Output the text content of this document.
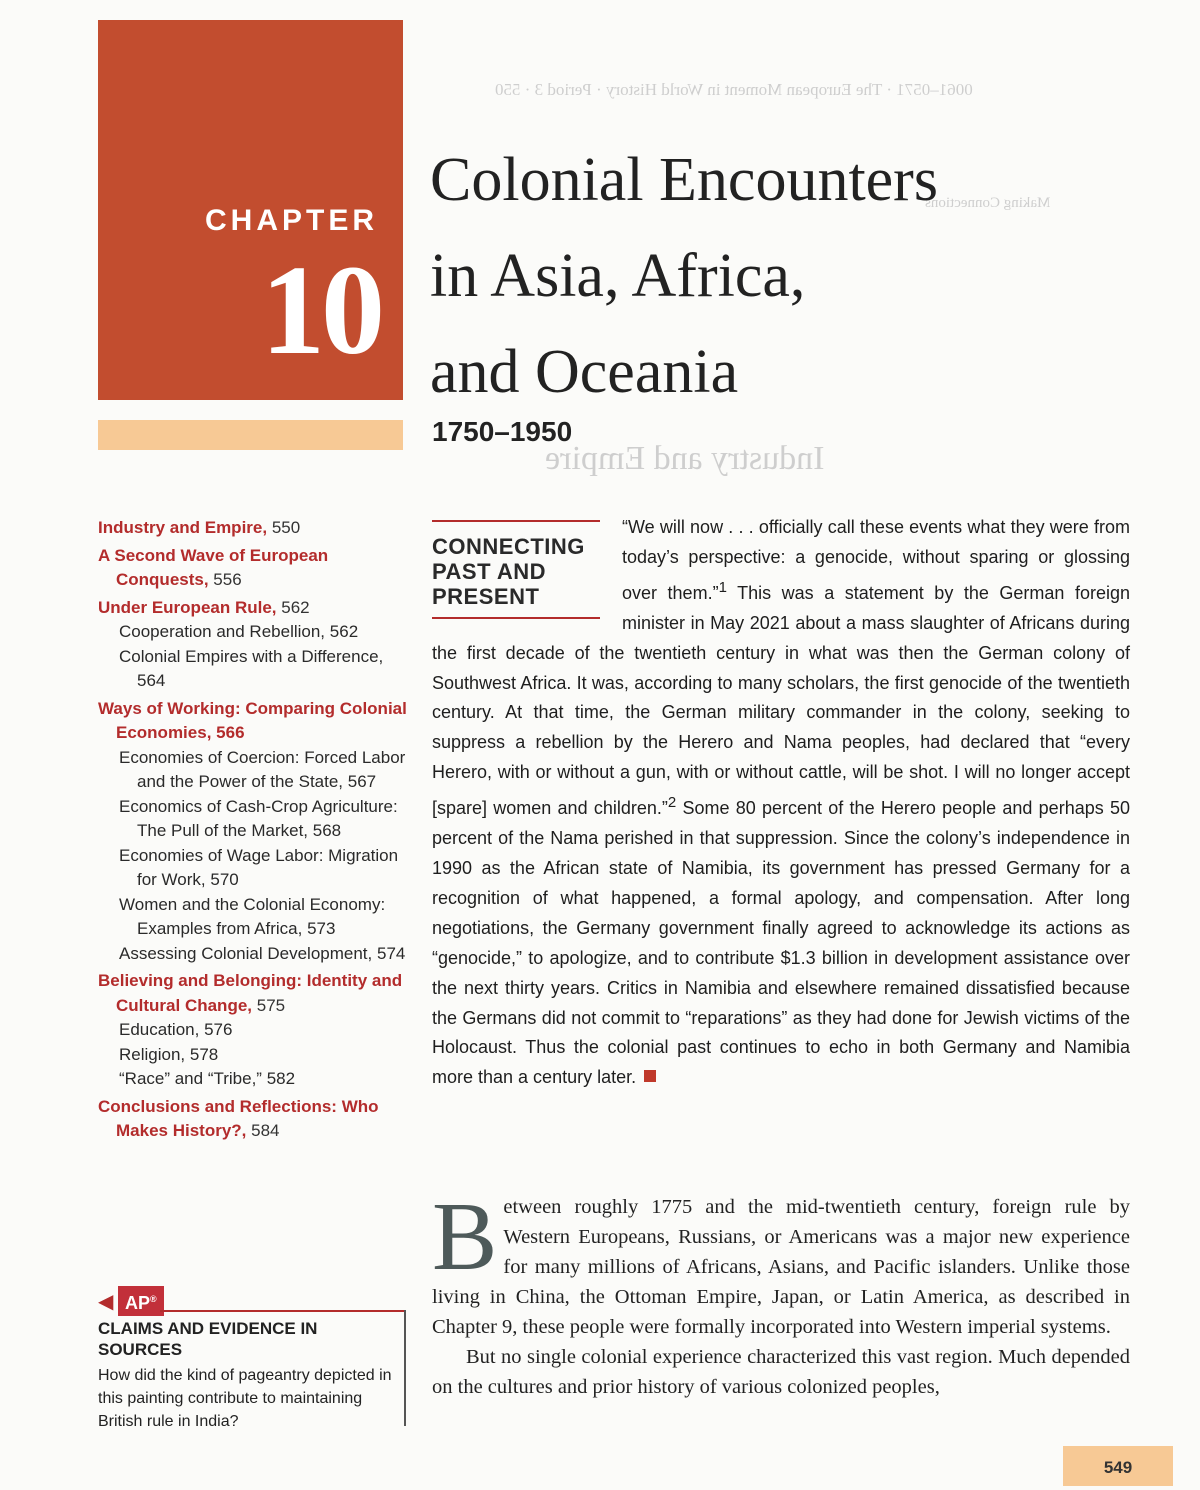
0061–0571 · The European Moment in World History · Period 3 · 550
Making Connections
Industry and Empire
CHAPTER
10
Colonial Encounters
in Asia, Africa,
and Oceania
1750–1950
Industry and Empire, 550
A Second Wave of European Conquests, 556
Under European Rule, 562
Cooperation and Rebellion, 562
Colonial Empires with a Difference, 564
Ways of Working: Comparing Colonial Economies, 566
Economies of Coercion: Forced Labor and the Power of the State, 567
Economics of Cash-Crop Agriculture: The Pull of the Market, 568
Economies of Wage Labor: Migration for Work, 570
Women and the Colonial Economy: Examples from Africa, 573
Assessing Colonial Development, 574
Believing and Belonging: Identity and Cultural Change, 575
Education, 576
Religion, 578
“Race” and “Tribe,” 582
Conclusions and Reflections: Who Makes History?, 584
◀ AP®
CLAIMS AND EVIDENCE IN SOURCES
How did the kind of pageantry depicted in this painting contribute to maintaining British rule in India?
CONNECTING PAST AND PRESENT
“We will now . . . officially call these events what they were from today’s perspective: a genocide, without sparing or glossing over them.”$^1$ This was a statement by the German foreign minister in May 2021 about a mass slaughter of Africans during the first decade of the twentieth century in what was then the German colony of Southwest Africa. It was, according to many scholars, the first genocide of the twentieth century. At that time, the German military commander in the colony, seeking to suppress a rebellion by the Herero and Nama peoples, had declared that “every Herero, with or without a gun, with or without cattle, will be shot. I will no longer accept [spare] women and children.”$^2$ Some 80 percent of the Herero people and perhaps 50 percent of the Nama perished in that suppression. Since the colony’s independence in 1990 as the African state of Namibia, its government has pressed Germany for a recognition of what happened, a formal apology, and compensation. After long negotiations, the Germany government finally agreed to acknowledge its actions as “genocide,” to apologize, and to contribute $1.3 billion in development assistance over the next thirty years. Critics in Namibia and elsewhere remained dissatisfied because the Germans did not commit to “reparations” as they had done for Jewish victims of the Holocaust. Thus the colonial past continues to echo in both Germany and Namibia more than a century later.

Between roughly 1775 and the mid-twentieth century, foreign rule by Western Europeans, Russians, or Americans was a major new experience for many millions of Africans, Asians, and Pacific islanders. Unlike those living in China, the Ottoman Empire, Japan, or Latin America, as described in Chapter 9, these people were formally incorporated into Western imperial systems.

But no single colonial experience characterized this vast region. Much depended on the cultures and prior history of various colonized peoples,

549
